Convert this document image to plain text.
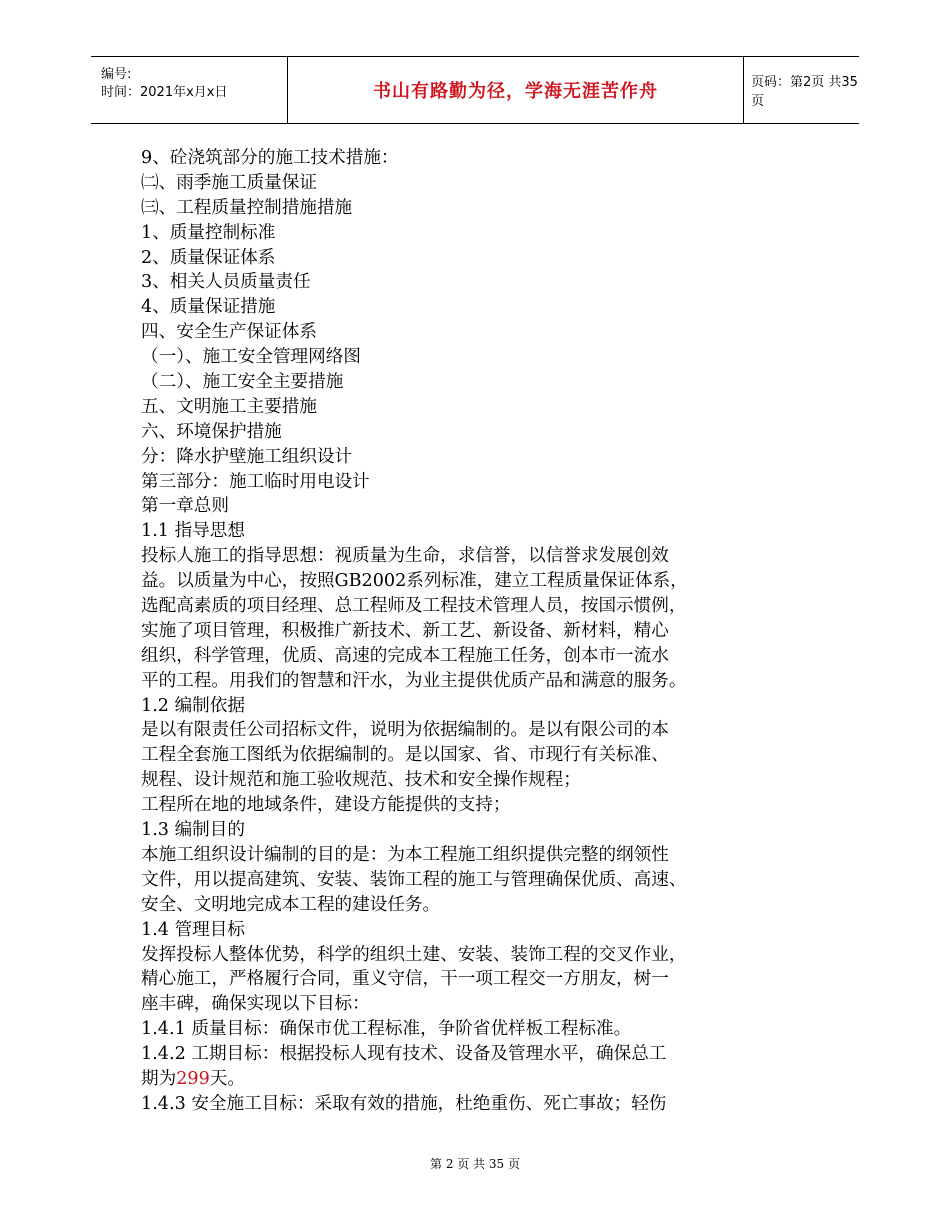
编号:
时间：2021年x月x日	书山有路勤为径，学海无涯苦作舟	页码：第2页 共35页
9、砼浇筑部分的施工技术措施：
㈡、雨季施工质量保证
㈢、工程质量控制措施措施
1、质量控制标准
2、质量保证体系
3、相关人员质量责任
4、质量保证措施
四、安全生产保证体系
（一）、施工安全管理网络图
（二）、施工安全主要措施
五、文明施工主要措施
六、环境保护措施
分：降水护壁施工组织设计
第三部分：施工临时用电设计
第一章总则
1.1 指导思想
投标人施工的指导思想：视质量为生命，求信誉，以信誉求发展创效
益。以质量为中心，按照GB2002系列标准，建立工程质量保证体系，
选配高素质的项目经理、总工程师及工程技术管理人员，按国示惯例，
实施了项目管理，积极推广新技术、新工艺、新设备、新材料，精心
组织，科学管理，优质、高速的完成本工程施工任务，创本市一流水
平的工程。用我们的智慧和汗水，为业主提供优质产品和满意的服务。
1.2 编制依据
是以有限责任公司招标文件，说明为依据编制的。是以有限公司的本
工程全套施工图纸为依据编制的。是以国家、省、市现行有关标准、
规程、设计规范和施工验收规范、技术和安全操作规程；
工程所在地的地域条件，建设方能提供的支持；
1.3 编制目的
本施工组织设计编制的目的是：为本工程施工组织提供完整的纲领性
文件，用以提高建筑、安装、装饰工程的施工与管理确保优质、高速、
安全、文明地完成本工程的建设任务。
1.4 管理目标
发挥投标人整体优势，科学的组织土建、安装、装饰工程的交叉作业，
精心施工，严格履行合同，重义守信，干一项工程交一方朋友，树一
座丰碑，确保实现以下目标：
1.4.1 质量目标：确保市优工程标准，争阶省优样板工程标准。
1.4.2 工期目标：根据投标人现有技术、设备及管理水平，确保总工
期为299天。
1.4.3 安全施工目标：采取有效的措施，杜绝重伤、死亡事故；轻伤
第 2 页 共 35 页
